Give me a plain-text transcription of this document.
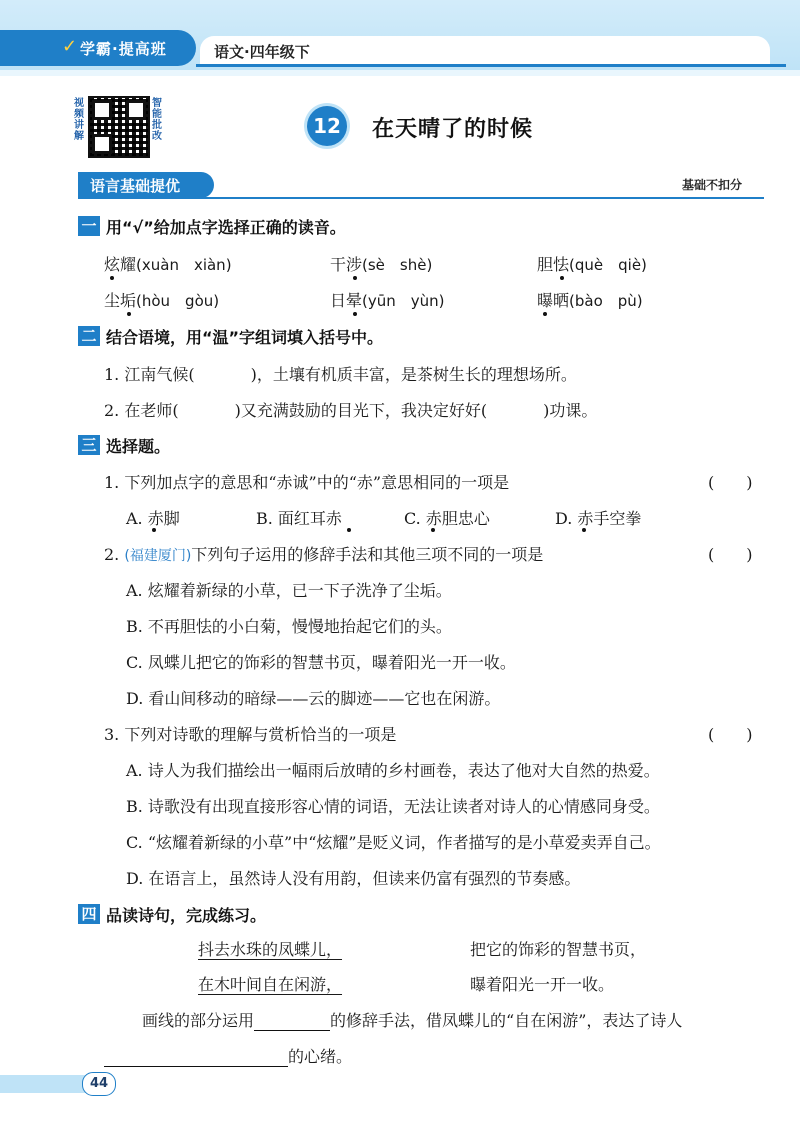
✓ 学霸·提高班	语文·四年级下
视频讲解
智能批改	12 在天晴了的时候
语言基础提优	基础不扣分
一 用“√”给加点字选择正确的读音。
炫耀(xuàn　xiàn)	干涉(sè　shè)	胆怯(què　qiè)
尘垢(hòu　gòu)	日晕(yūn　yùn)	曝晒(bào　pù)
二 结合语境，用“温”字组词填入括号中。
1. 江南气候(	)，土壤有机质丰富，是茶树生长的理想场所。
2. 在老师(	)又充满鼓励的目光下，我决定好好(	)功课。
三 选择题。
1. 下列加点字的意思和“赤诚”中的“赤”意思相同的一项是	(　　)
A. 赤脚	B. 面红耳赤	C. 赤胆忠心	D. 赤手空拳
2. (福建厦门)下列句子运用的修辞手法和其他三项不同的一项是	(　　)
A. 炫耀着新绿的小草，已一下子洗净了尘垢。
B. 不再胆怯的小白菊，慢慢地抬起它们的头。
C. 凤蝶儿把它的饰彩的智慧书页，曝着阳光一开一收。
D. 看山间移动的暗绿——云的脚迹——它也在闲游。
3. 下列对诗歌的理解与赏析恰当的一项是	(　　)
A. 诗人为我们描绘出一幅雨后放晴的乡村画卷，表达了他对大自然的热爱。
B. 诗歌没有出现直接形容心情的词语，无法让读者对诗人的心情感同身受。
C. “炫耀着新绿的小草”中“炫耀”是贬义词，作者描写的是小草爱卖弄自己。
D. 在语言上，虽然诗人没有用韵，但读来仍富有强烈的节奏感。
四 品读诗句，完成练习。
抖去水珠的凤蝶儿，	把它的饰彩的智慧书页，
在木叶间自在闲游，	曝着阳光一开一收。
画线的部分运用	的修辞手法，借凤蝶儿的“自在闲游”，表达了诗人
的心绪。
44
